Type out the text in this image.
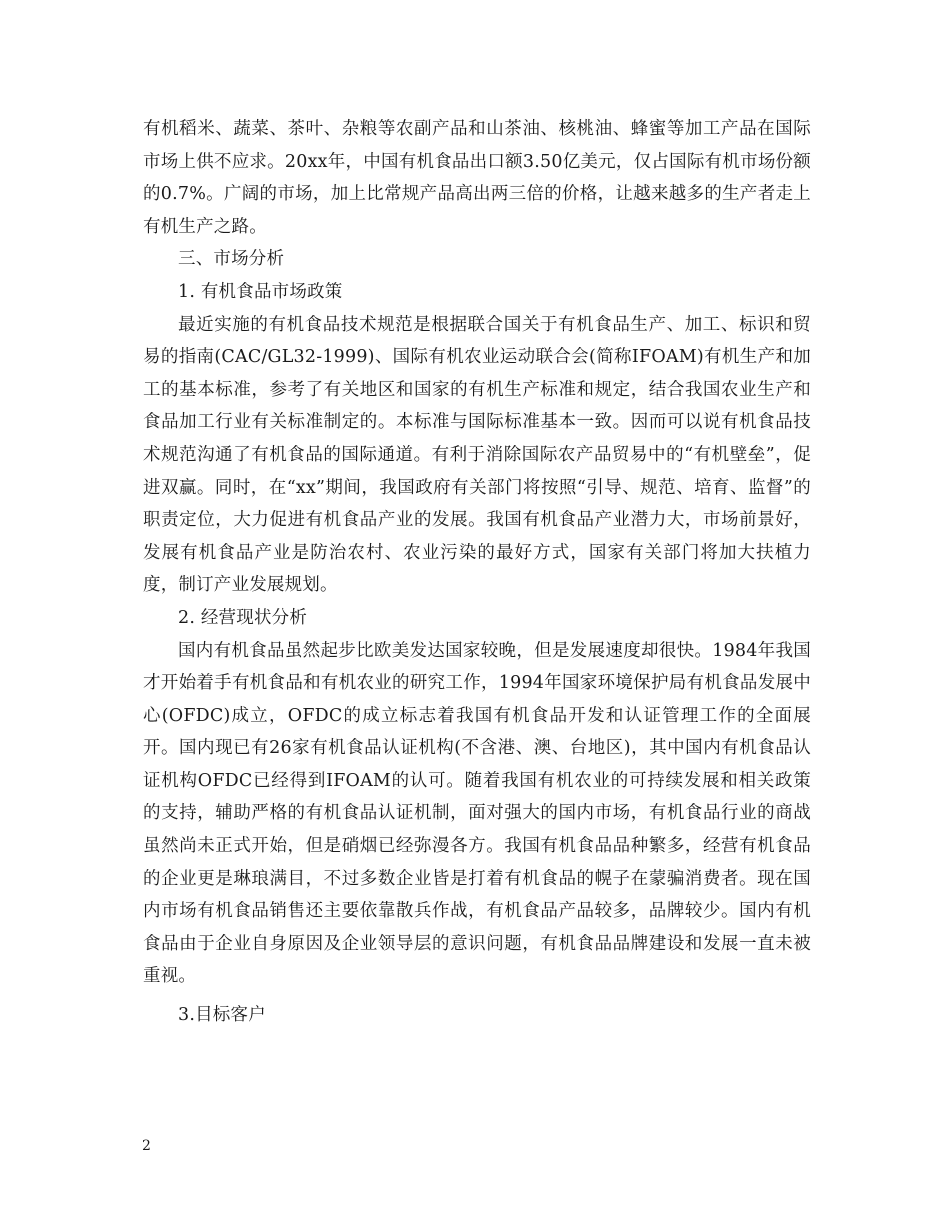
有机稻米、蔬菜、茶叶、杂粮等农副产品和山茶油、核桃油、蜂蜜等加工产品在国际市场上供不应求。20xx年，中国有机食品出口额3.50亿美元，仅占国际有机市场份额的0.7%。广阔的市场，加上比常规产品高出两三倍的价格，让越来越多的生产者走上有机生产之路。

三、市场分析

1. 有机食品市场政策

最近实施的有机食品技术规范是根据联合国关于有机食品生产、加工、标识和贸易的指南(CAC/GL32-1999)、国际有机农业运动联合会(简称IFOAM)有机生产和加工的基本标准，参考了有关地区和国家的有机生产标准和规定，结合我国农业生产和食品加工行业有关标准制定的。本标准与国际标准基本一致。因而可以说有机食品技术规范沟通了有机食品的国际通道。有利于消除国际农产品贸易中的“有机壁垒”，促进双赢。同时，在“xx”期间，我国政府有关部门将按照“引导、规范、培育、监督”的职责定位，大力促进有机食品产业的发展。我国有机食品产业潜力大，市场前景好，发展有机食品产业是防治农村、农业污染的最好方式，国家有关部门将加大扶植力度，制订产业发展规划。

2. 经营现状分析

国内有机食品虽然起步比欧美发达国家较晚，但是发展速度却很快。1984年我国才开始着手有机食品和有机农业的研究工作，1994年国家环境保护局有机食品发展中心(OFDC)成立，OFDC的成立标志着我国有机食品开发和认证管理工作的全面展开。国内现已有26家有机食品认证机构(不含港、澳、台地区)，其中国内有机食品认证机构OFDC已经得到IFOAM的认可。随着我国有机农业的可持续发展和相关政策的支持，辅助严格的有机食品认证机制，面对强大的国内市场，有机食品行业的商战虽然尚未正式开始，但是硝烟已经弥漫各方。我国有机食品品种繁多，经营有机食品的企业更是琳琅满目，不过多数企业皆是打着有机食品的幌子在蒙骗消费者。现在国内市场有机食品销售还主要依靠散兵作战，有机食品产品较多，品牌较少。国内有机食品由于企业自身原因及企业领导层的意识问题，有机食品品牌建设和发展一直未被重视。

3.目标客户

2
